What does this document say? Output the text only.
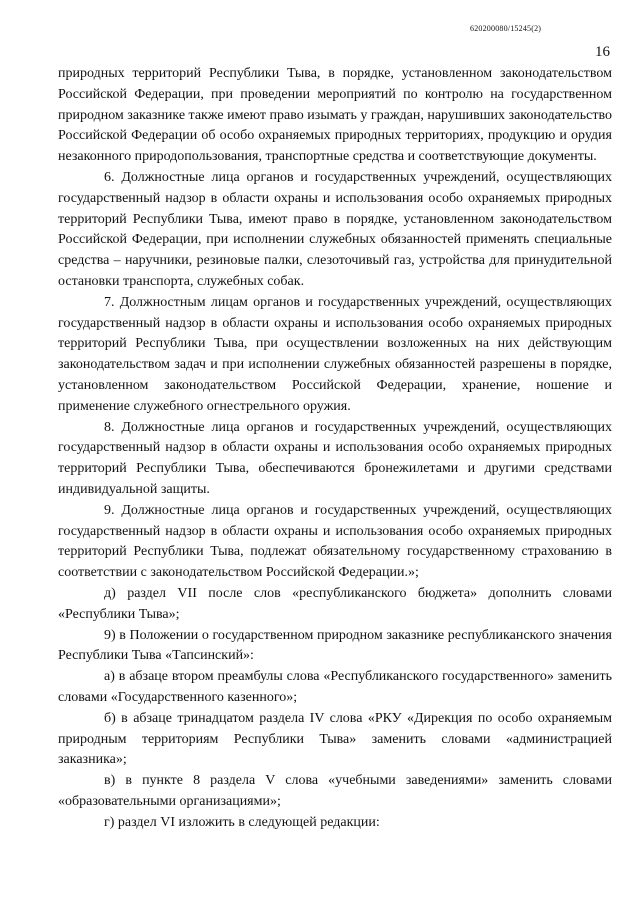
620200080/15245(2)
16

природных территорий Республики Тыва, в порядке, установленном законодательством Российской Федерации, при проведении мероприятий по контролю на государственном природном заказнике также имеют право изымать у граждан, нарушивших законодательство Российской Федерации об особо охраняемых природных территориях, продукцию и орудия незаконного природопользования, транспортные средства и соответствующие документы.

6. Должностные лица органов и государственных учреждений, осуществляющих государственный надзор в области охраны и использования особо охраняемых природных территорий Республики Тыва, имеют право в порядке, установленном законодательством Российской Федерации, при исполнении служебных обязанностей применять специальные средства – наручники, резиновые палки, слезоточивый газ, устройства для принудительной остановки транспорта, служебных собак.

7. Должностным лицам органов и государственных учреждений, осуществляющих государственный надзор в области охраны и использования особо охраняемых природных территорий Республики Тыва, при осуществлении возложенных на них действующим законодательством задач и при исполнении служебных обязанностей разрешены в порядке, установленном законодательством Российской Федерации, хранение, ношение и применение служебного огнестрельного оружия.

8. Должностные лица органов и государственных учреждений, осуществляющих государственный надзор в области охраны и использования особо охраняемых природных территорий Республики Тыва, обеспечиваются бронежилетами и другими средствами индивидуальной защиты.

9. Должностные лица органов и государственных учреждений, осуществляющих государственный надзор в области охраны и использования особо охраняемых природных территорий Республики Тыва, подлежат обязательному государственному страхованию в соответствии с законодательством Российской Федерации.»;

д) раздел VII после слов «республиканского бюджета» дополнить словами «Республики Тыва»;

9) в Положении о государственном природном заказнике республиканского значения Республики Тыва «Тапсинский»:

а) в абзаце втором преамбулы слова «Республиканского государственного» заменить словами «Государственного казенного»;

б) в абзаце тринадцатом раздела IV слова «РКУ «Дирекция по особо охраняемым природным территориям Республики Тыва» заменить словами «администрацией заказника»;

в) в пункте 8 раздела V слова «учебными заведениями» заменить словами «образовательными организациями»;

г) раздел VI изложить в следующей редакции:
